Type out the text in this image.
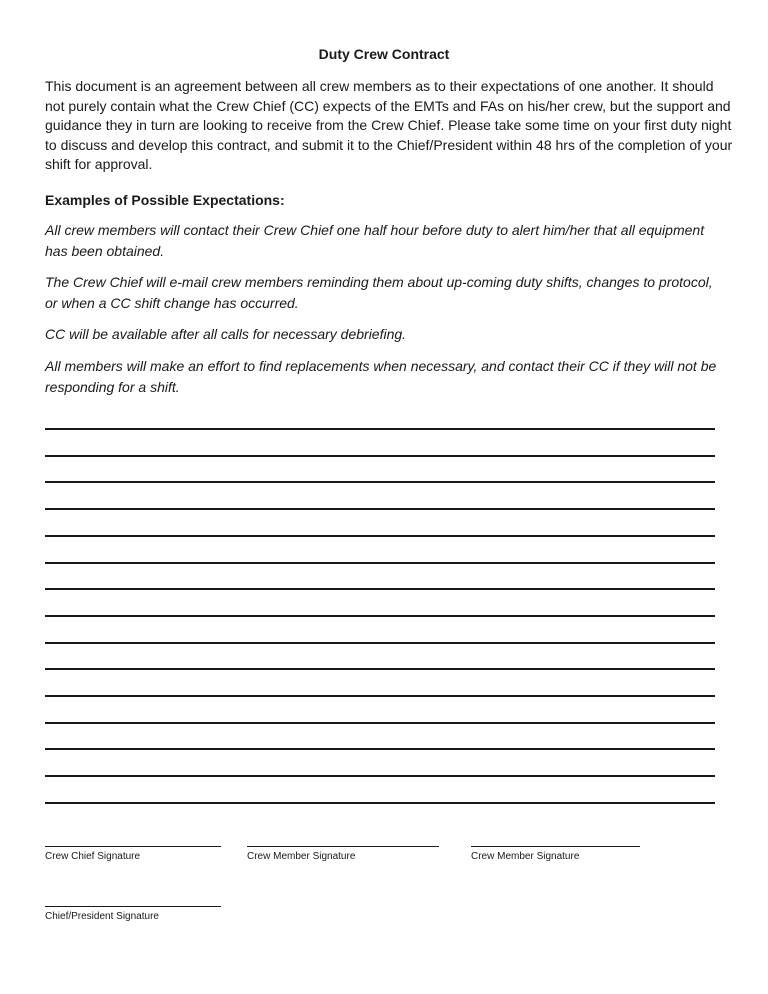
Duty Crew Contract

This document is an agreement between all crew members as to their expectations of one another. It should not purely contain what the Crew Chief (CC) expects of the EMTs and FAs on his/her crew, but the support and guidance they in turn are looking to receive from the Crew Chief. Please take some time on your first duty night to discuss and develop this contract, and submit it to the Chief/President within 48 hrs of the completion of your shift for approval.

Examples of Possible Expectations:

All crew members will contact their Crew Chief one half hour before duty to alert him/her that all equipment has been obtained.

The Crew Chief will e-mail crew members reminding them about up-coming duty shifts, changes to protocol, or when a CC shift change has occurred.

CC will be available after all calls for necessary debriefing.

All members will make an effort to find replacements when necessary, and contact their CC if they will not be responding for a shift.

Crew Chief Signature	Crew Member Signature	Crew Member Signature
Chief/President Signature
